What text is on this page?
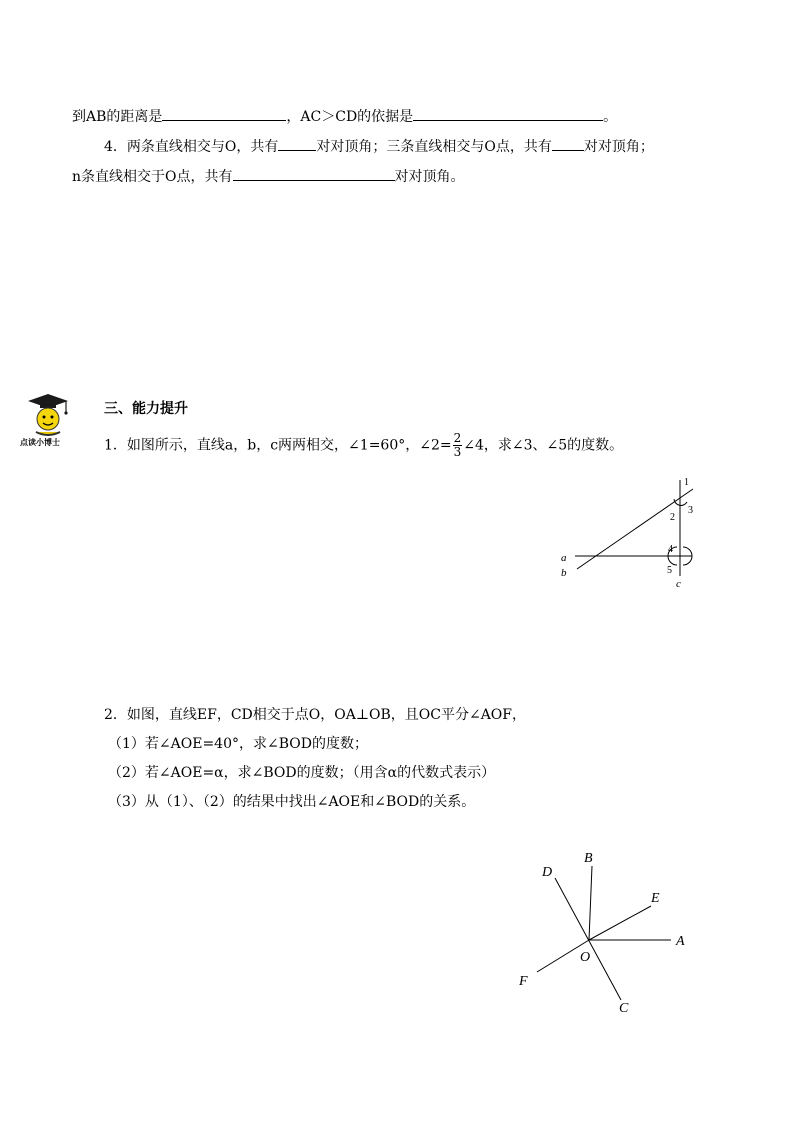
到AB的距离是	，AC＞CD的依据是	。
4．两条直线相交与O，共有	对对顶角；三条直线相交与O点，共有 对对顶角；
n条直线相交于O点，共有	对对顶角。
点读小博士
三、能力提升
1．如图所示，直线a，b，c两两相交，∠1=60°，∠2= $\frac{2}{3}$ ∠4，求∠3、∠5的度数。
1
2
3
4
5
a
b
c
2．如图，直线EF，CD相交于点O，OA⊥OB，且OC平分∠AOF，
（1）若∠AOE=40°，求∠BOD的度数；
（2）若∠AOE=α，求∠BOD的度数；（用含α的代数式表示）
（3）从（1）、（2）的结果中找出∠AOE和∠BOD的关系。
D
B
E
A
O
F
C
